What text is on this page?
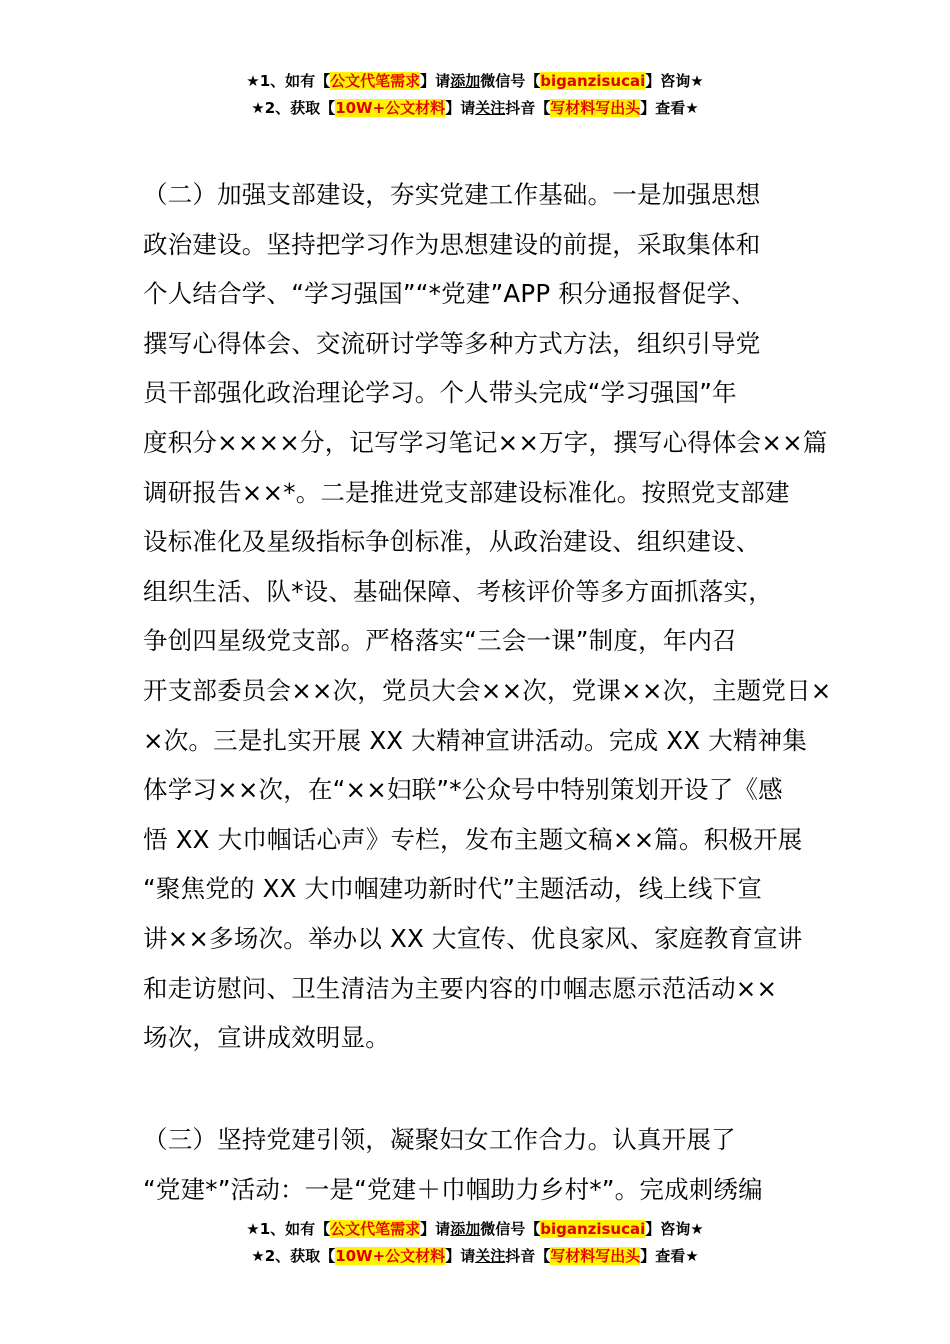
★1、如有【公文代笔需求】请添加微信号【biganzisucai】咨询★
★2、获取【10W+公文材料】请关注抖音【写材料写出头】查看★
（二）加强支部建设，夯实党建工作基础。一是加强思想
政治建设。坚持把学习作为思想建设的前提，采取集体和
个人结合学、“学习强国”“*党建”APP 积分通报督促学、
撰写心得体会、交流研讨学等多种方式方法，组织引导党
员干部强化政治理论学习。个人带头完成“学习强国”年
度积分××××分，记写学习笔记××万字，撰写心得体会××篇
调研报告××*。二是推进党支部建设标准化。按照党支部建
设标准化及星级指标争创标准，从政治建设、组织建设、
组织生活、队*设、基础保障、考核评价等多方面抓落实，
争创四星级党支部。严格落实“三会一课”制度，年内召
开支部委员会××次，党员大会××次，党课××次，主题党日×
×次。三是扎实开展 XX 大精神宣讲活动。完成 XX 大精神集
体学习××次，在“××妇联”*公众号中特别策划开设了《感
悟 XX 大巾帼话心声》专栏，发布主题文稿××篇。积极开展
“聚焦党的 XX 大巾帼建功新时代”主题活动，线上线下宣
讲××多场次。举办以 XX 大宣传、优良家风、家庭教育宣讲
和走访慰问、卫生清洁为主要内容的巾帼志愿示范活动××
场次，宣讲成效明显。
（三）坚持党建引领，凝聚妇女工作合力。认真开展了
“党建*”活动：一是“党建＋巾帼助力乡村*”。完成刺绣编
★1、如有【公文代笔需求】请添加微信号【biganzisucai】咨询★
★2、获取【10W+公文材料】请关注抖音【写材料写出头】查看★
